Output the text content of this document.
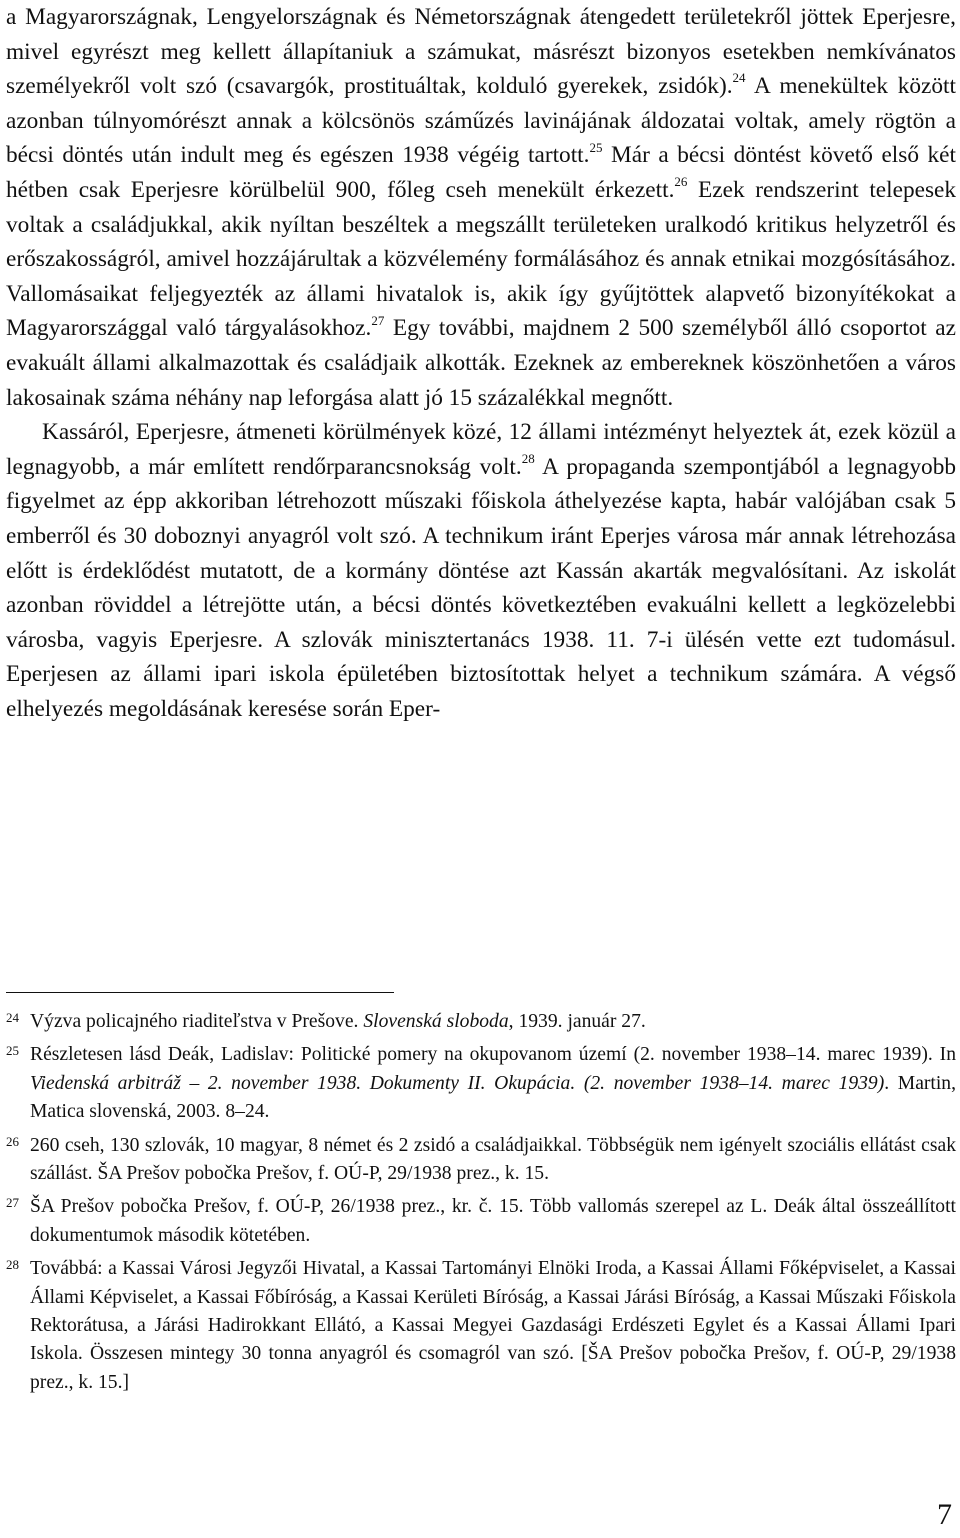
a Magyarországnak, Lengyelországnak és Németországnak átengedett területekről jöttek Eperjesre, mivel egyrészt meg kellett állapítaniuk a számukat, másrészt bizonyos esetekben nemkívánatos személyekről volt szó (csavargók, prostituáltak, kolduló gyerekek, zsidók).$^{24}$ A menekültek között azonban túlnyomórészt annak a kölcsönös száműzés lavinájának áldozatai voltak, amely rögtön a bécsi döntés után indult meg és egészen 1938 végéig tartott.$^{25}$ Már a bécsi döntést követő első két hétben csak Eperjesre körülbelül 900, főleg cseh menekült érkezett.$^{26}$ Ezek rendszerint telepesek voltak a családjukkal, akik nyíltan beszéltek a megszállt területeken uralkodó kritikus helyzetről és erőszakosságról, amivel hozzájárultak a közvélemény formálásához és annak etnikai mozgósításához. Vallomásaikat feljegyezték az állami hivatalok is, akik így gyűjtöttek alapvető bizonyítékokat a Magyarországgal való tárgyalásokhoz.$^{27}$ Egy további, majdnem 2 500 személyből álló csoportot az evakuált állami alkalmazottak és családjaik alkották. Ezeknek az embereknek köszönhetően a város lakosainak száma néhány nap leforgása alatt jó 15 százalékkal megnőtt.

Kassáról, Eperjesre, átmeneti körülmények közé, 12 állami intézményt helyeztek át, ezek közül a legnagyobb, a már említett rendőrparancsnokság volt.$^{28}$ A propaganda szempontjából a legnagyobb figyelmet az épp akkoriban létrehozott műszaki főiskola áthelyezése kapta, habár valójában csak 5 emberről és 30 doboznyi anyagról volt szó. A technikum iránt Eperjes városa már annak létrehozása előtt is érdeklődést mutatott, de a kormány döntése azt Kassán akarták megvalósítani. Az iskolát azonban röviddel a létrejötte után, a bécsi döntés következtében evakuálni kellett a legközelebbi városba, vagyis Eperjesre. A szlovák minisztertanács 1938. 11. 7-i ülésén vette ezt tudomásul. Eperjesen az állami ipari iskola épületében biztosítottak helyet a technikum számára. A végső elhelyezés megoldásának keresése során Eper-

24 Výzva policajného riaditeľstva v Prešove. Slovenská sloboda, 1939. január 27.

25 Részletesen lásd Deák, Ladislav: Politické pomery na okupovanom území (2. november 1938–14. marec 1939). In Viedenská arbitráž – 2. november 1938. Dokumenty II. Okupácia. (2. november 1938–14. marec 1939). Martin, Matica slovenská, 2003. 8–24.

26 260 cseh, 130 szlovák, 10 magyar, 8 német és 2 zsidó a családjaikkal. Többségük nem igényelt szociális ellátást csak szállást. ŠA Prešov pobočka Prešov, f. OÚ-P, 29/1938 prez., k. 15.

27 ŠA Prešov pobočka Prešov, f. OÚ-P, 26/1938 prez., kr. č. 15. Több vallomás szerepel az L. Deák által összeállított dokumentumok második kötetében.

28 Továbbá: a Kassai Városi Jegyzői Hivatal, a Kassai Tartományi Elnöki Iroda, a Kassai Állami Főképviselet, a Kassai Állami Képviselet, a Kassai Főbíróság, a Kassai Kerületi Bíróság, a Kassai Járási Bíróság, a Kassai Műszaki Főiskola Rektorátusa, a Járási Hadirokkant Ellátó, a Kassai Megyei Gazdasági Erdészeti Egylet és a Kassai Állami Ipari Iskola. Összesen mintegy 30 tonna anyagról és csomagról van szó. [ŠA Prešov pobočka Prešov, f. OÚ-P, 29/1938 prez., k. 15.]

7
